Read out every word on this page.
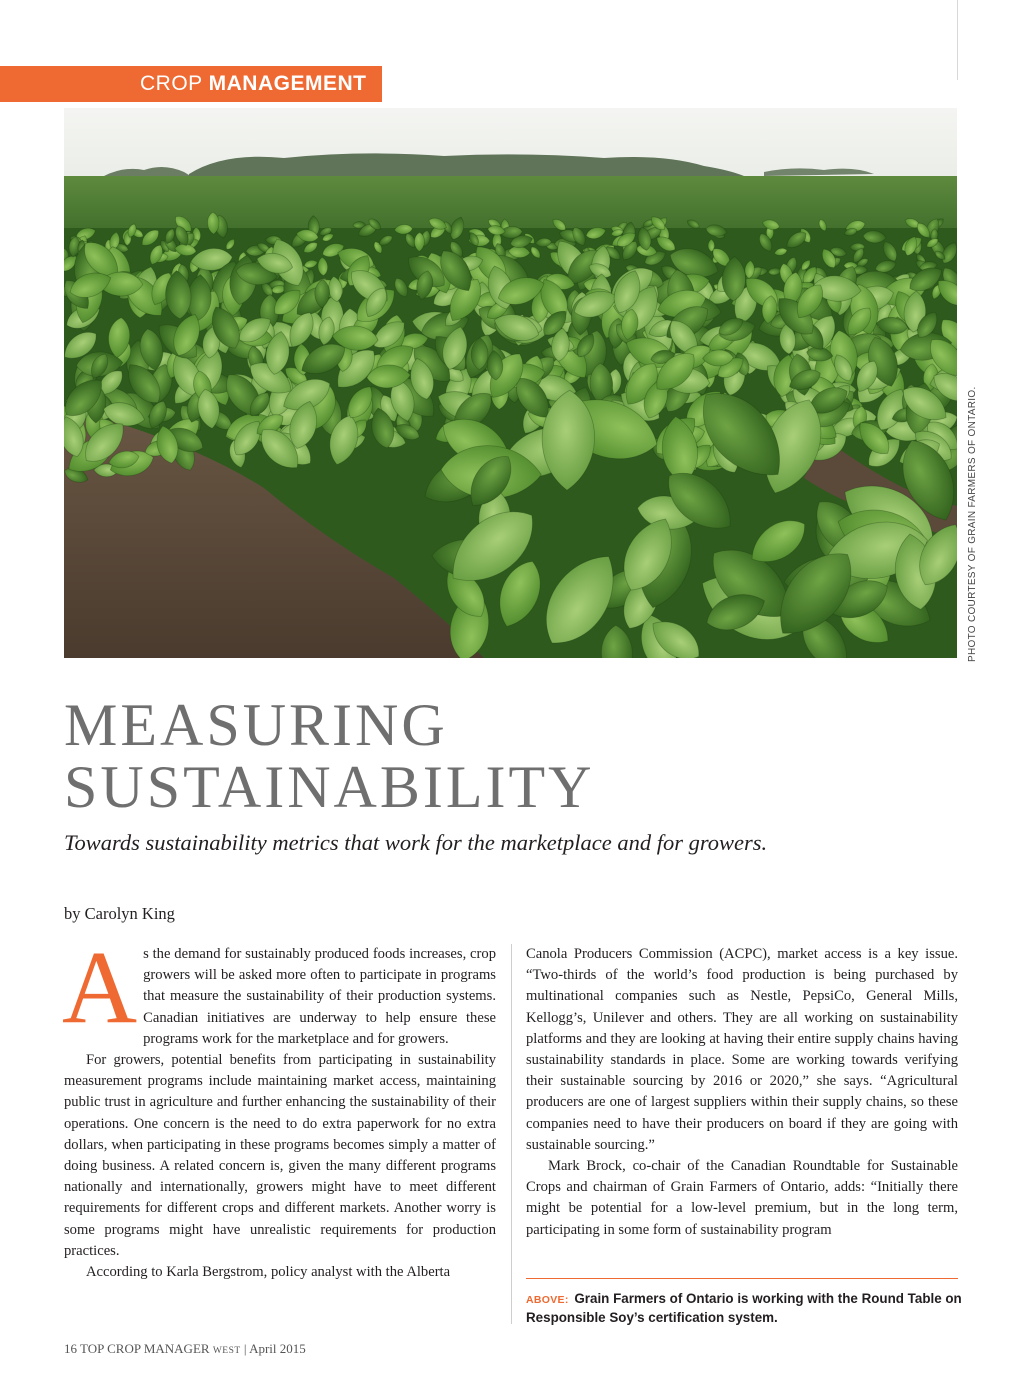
CROP MANAGEMENT
PHOTO COURTESY OF GRAIN FARMERS OF ONTARIO.
MEASURING
SUSTAINABILITY

Towards sustainability metrics that work for the marketplace and for growers.

by Carolyn King

As the demand for sustainably produced foods increases, crop growers will be asked more often to participate in programs that measure the sustainability of their production systems. Canadian initiatives are underway to help ensure these programs work for the marketplace and for growers.

For growers, potential benefits from participating in sustainability measurement programs include maintaining market access, maintaining public trust in agriculture and further enhancing the sustainability of their operations. One concern is the need to do extra paperwork for no extra dollars, when participating in these programs becomes simply a matter of doing business. A related concern is, given the many different programs nationally and internationally, growers might have to meet different requirements for different crops and different markets. Another worry is some programs might have unrealistic requirements for production practices.

According to Karla Bergstrom, policy analyst with the Alberta

Canola Producers Commission (ACPC), market access is a key issue. “Two-thirds of the world’s food production is being purchased by multinational companies such as Nestle, PepsiCo, General Mills, Kellogg’s, Unilever and others. They are all working on sustainability platforms and they are looking at having their entire supply chains having sustainability standards in place. Some are working towards verifying their sustainable sourcing by 2016 or 2020,” she says. “Agricultural producers are one of largest suppliers within their supply chains, so these companies need to have their producers on board if they are going with sustainable sourcing.”

Mark Brock, co-chair of the Canadian Roundtable for Sustainable Crops and chairman of Grain Farmers of Ontario, adds: “Initially there might be potential for a low-level premium, but in the long term, participating in some form of sustainability program

ABOVE: Grain Farmers of Ontario is working with the Round Table on Responsible Soy’s certification system.
16 TOP CROP MANAGER WEST | April 2015
